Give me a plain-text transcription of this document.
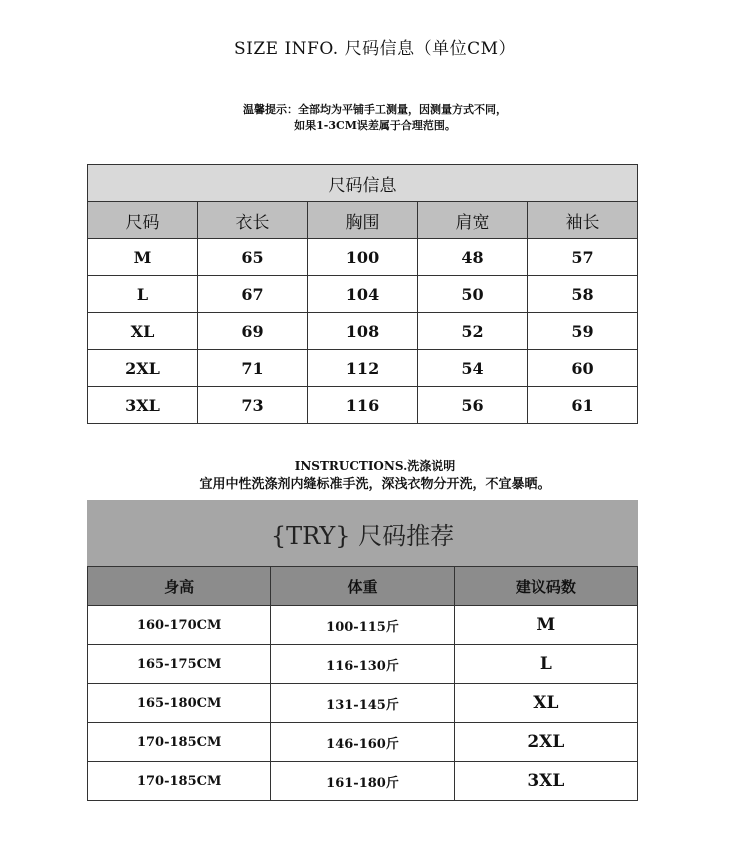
SIZE INFO. 尺码信息（单位CM）
温馨提示：全部均为平铺手工测量，因测量方式不同，
如果1-3CM误差属于合理范围。
尺码信息				
尺码	衣长	胸围	肩宽	袖长
M	65	100	48	57
L	67	104	50	58
XL	69	108	52	59
2XL	71	112	54	60
3XL	73	116	56	61
INSTRUCTIONS.洗涤说明
宜用中性洗涤剂内缝标准手洗，深浅衣物分开洗，不宜暴晒。
{TRY} 尺码推荐
身高	体重	建议码数
160-170CM	100-115斤	M
165-175CM	116-130斤	L
165-180CM	131-145斤	XL
170-185CM	146-160斤	2XL
170-185CM	161-180斤	3XL
